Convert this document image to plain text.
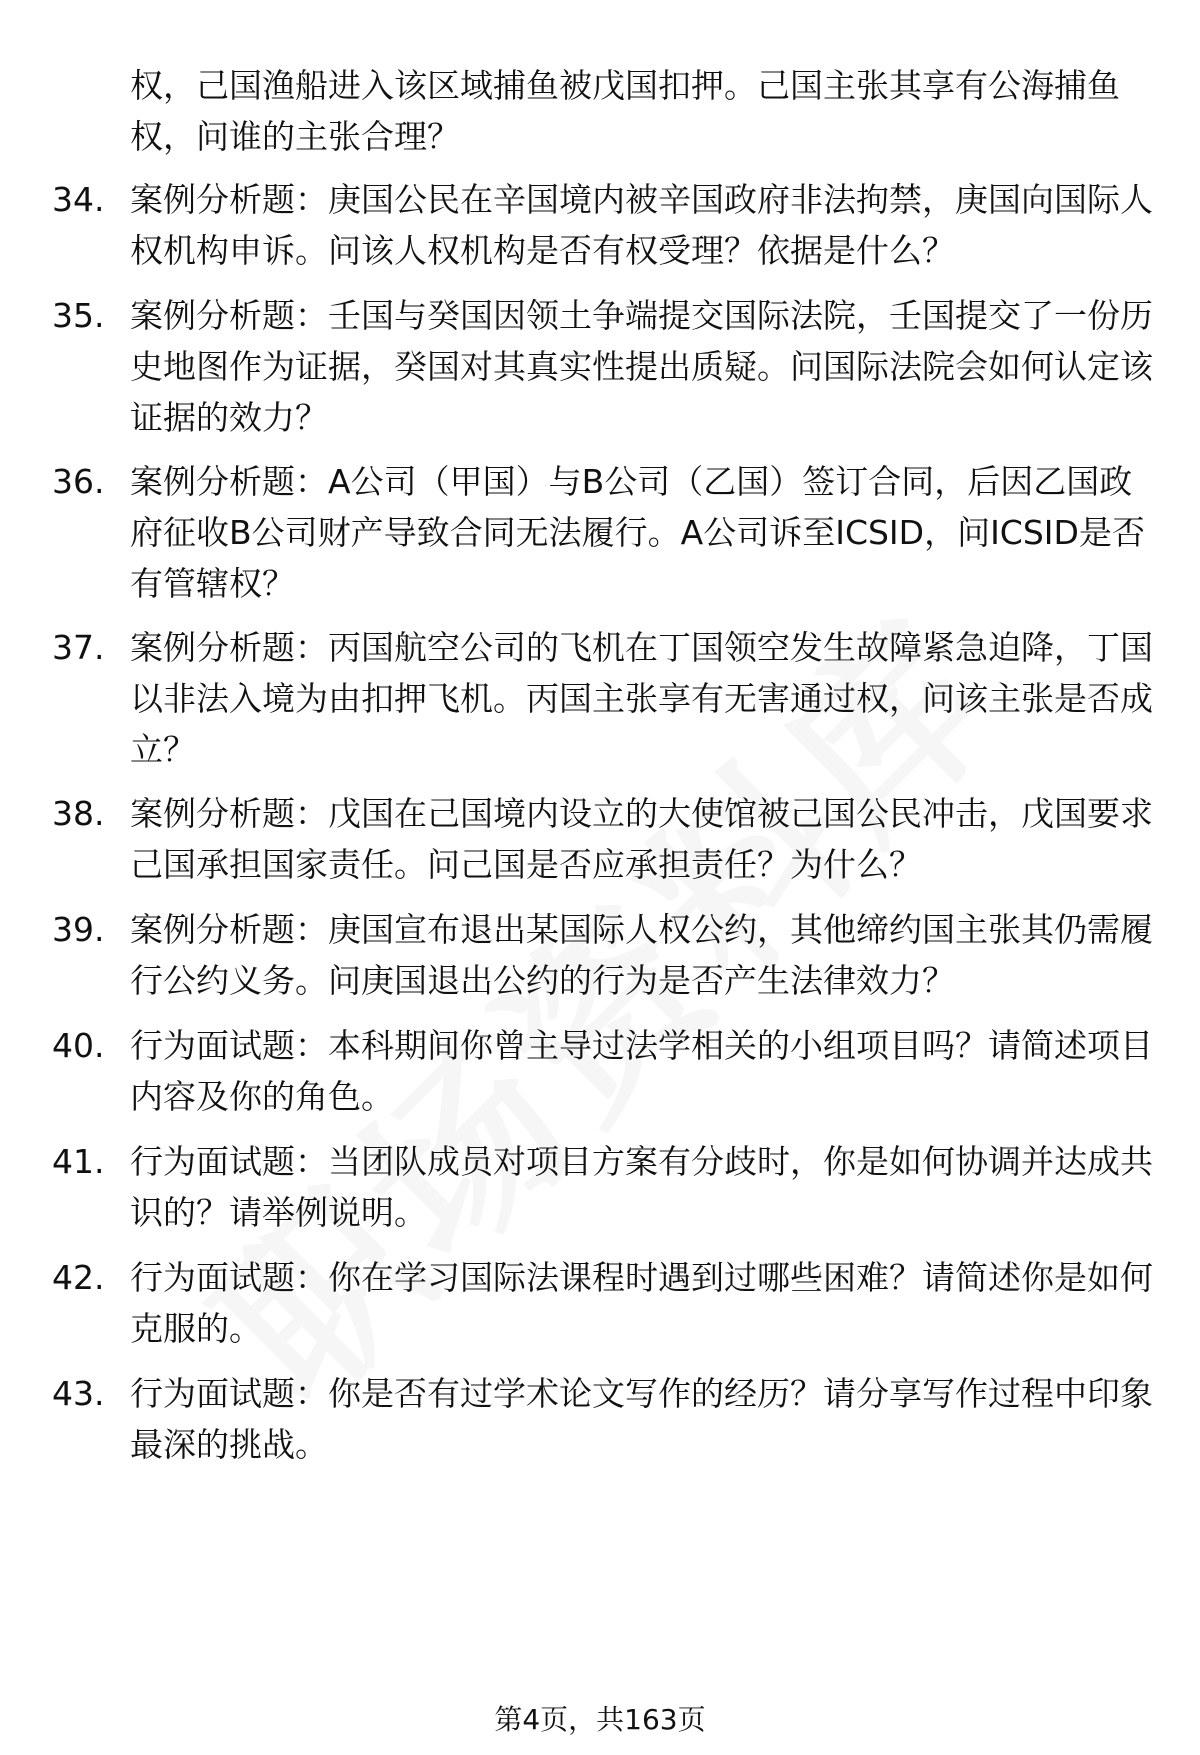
权，己国渔船进入该区域捕鱼被戊国扣押。己国主张其享有公海捕鱼权，问谁的主张合理？
34. 案例分析题：庚国公民在辛国境内被辛国政府非法拘禁，庚国向国际人权机构申诉。问该人权机构是否有权受理？依据是什么？
35. 案例分析题：壬国与癸国因领土争端提交国际法院，壬国提交了一份历史地图作为证据，癸国对其真实性提出质疑。问国际法院会如何认定该证据的效力？
36. 案例分析题：A公司（甲国）与B公司（乙国）签订合同，后因乙国政府征收B公司财产导致合同无法履行。A公司诉至ICSID，问ICSID是否有管辖权？
37. 案例分析题：丙国航空公司的飞机在丁国领空发生故障紧急迫降，丁国以非法入境为由扣押飞机。丙国主张享有无害通过权，问该主张是否成立？
38. 案例分析题：戊国在己国境内设立的大使馆被己国公民冲击，戊国要求己国承担国家责任。问己国是否应承担责任？为什么？
39. 案例分析题：庚国宣布退出某国际人权公约，其他缔约国主张其仍需履行公约义务。问庚国退出公约的行为是否产生法律效力？
40. 行为面试题：本科期间你曾主导过法学相关的小组项目吗？请简述项目内容及你的角色。
41. 行为面试题：当团队成员对项目方案有分歧时，你是如何协调并达成共识的？请举例说明。
42. 行为面试题：你在学习国际法课程时遇到过哪些困难？请简述你是如何克服的。
43. 行为面试题：你是否有过学术论文写作的经历？请分享写作过程中印象最深的挑战。
第4页，共163页
